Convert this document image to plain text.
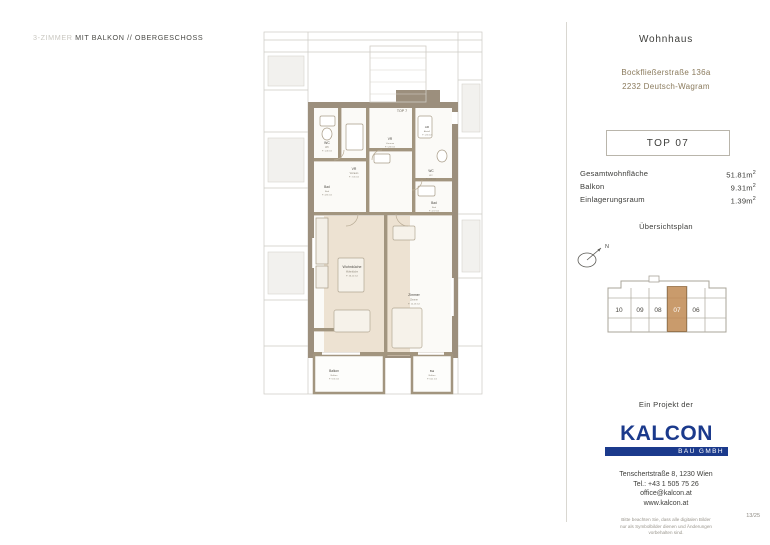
3-ZIMMER MIT BALKON // OBERGESCHOSS
TOP 7
WC
WC
F: 1,46 m2
VR
Vorraum
F: 7,45 m2
Bad
Bad
F: 4,81 m2
VR
Vorraum
F: 5,80 m2
AR
Abstell
F: 1,66 m2
WC
WC
F: 1,39 m2
Bad
Bad
F: 4,72 m2
Wohnküche
Wohnküche
F: 26,12 m2
Zimmer
Zimmer
F: 12,15 m2
Balkon
Balkon
F: 9,31 m2
Bal
Balkon
F: 6,11 m2
Wohnhaus
Bockfließerstraße 136a
2232 Deutsch-Wagram
TOP 07
Gesamtwohnfläche	$51.81m^2$
Balkon	$9.31m^2$
Einlagerungsraum	$1.39m^2$
Übersichtsplan
N
10 09 08 07 06
Ein Projekt der
KALC O N
BAU GMBH
Tenschertstraße 8, 1230 Wien
Tel.: +43 1 505 75 26
office@kalcon.at
www.kalcon.at
Bitte beachten Sie, dass alle digitalen Bilder
nur als Symbolbilder dienen und Änderungen
vorbehalten sind.
13/25
